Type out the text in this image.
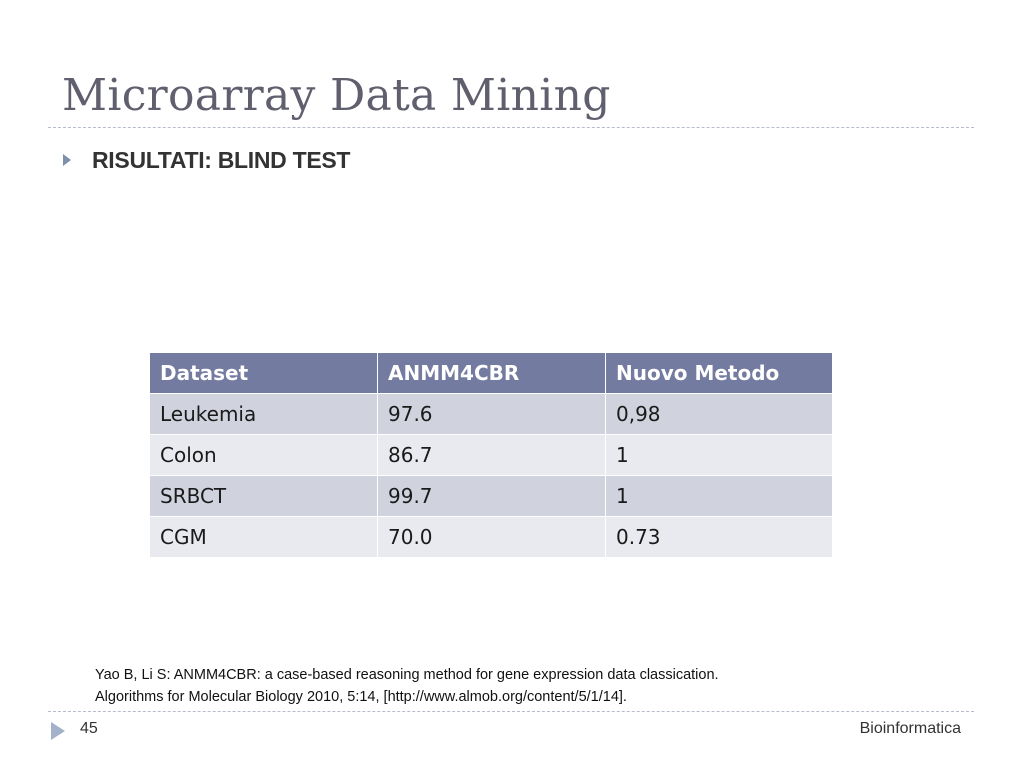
Microarray Data Mining
RISULTATI: BLIND TEST
Dataset	ANMM4CBR	Nuovo Metodo
Leukemia	97.6	0,98
Colon	86.7	1
SRBCT	99.7	1
CGM	70.0	0.73
Yao B, Li S: ANMM4CBR: a case-based reasoning method for gene expression data classication.
Algorithms for Molecular Biology 2010, 5:14, [http://www.almob.org/content/5/1/14].
45	Bioinformatica
